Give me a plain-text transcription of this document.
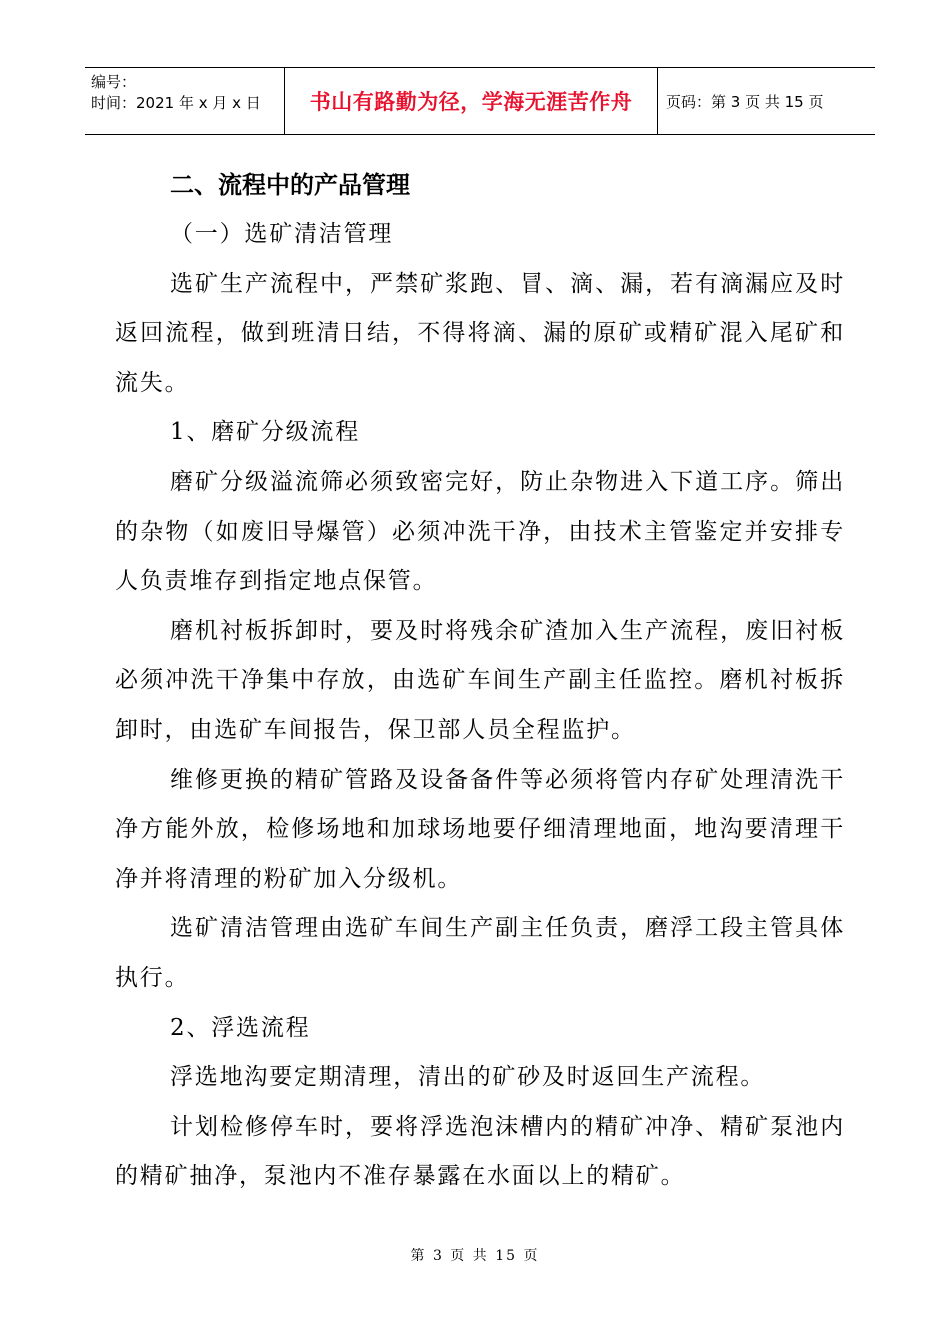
编号：
时间：2021 年 x 月 x 日	书山有路勤为径，学海无涯苦作舟	页码：第 3 页 共 15 页
二、流程中的产品管理
（一）选矿清洁管理

选矿生产流程中，严禁矿浆跑、冒、滴、漏，若有滴漏应及时返回流程，做到班清日结，不得将滴、漏的原矿或精矿混入尾矿和流失。

1、磨矿分级流程

磨矿分级溢流筛必须致密完好，防止杂物进入下道工序。筛出的杂物（如废旧导爆管）必须冲洗干净，由技术主管鉴定并安排专人负责堆存到指定地点保管。

磨机衬板拆卸时，要及时将残余矿渣加入生产流程，废旧衬板必须冲洗干净集中存放，由选矿车间生产副主任监控。磨机衬板拆卸时，由选矿车间报告，保卫部人员全程监护。

维修更换的精矿管路及设备备件等必须将管内存矿处理清洗干净方能外放，检修场地和加球场地要仔细清理地面，地沟要清理干净并将清理的粉矿加入分级机。

选矿清洁管理由选矿车间生产副主任负责，磨浮工段主管具体执行。

2、浮选流程

浮选地沟要定期清理，清出的矿砂及时返回生产流程。

计划检修停车时，要将浮选泡沫槽内的精矿冲净、精矿泵池内的精矿抽净，泵池内不准存暴露在水面以上的精矿。

第 3 页 共 15 页
